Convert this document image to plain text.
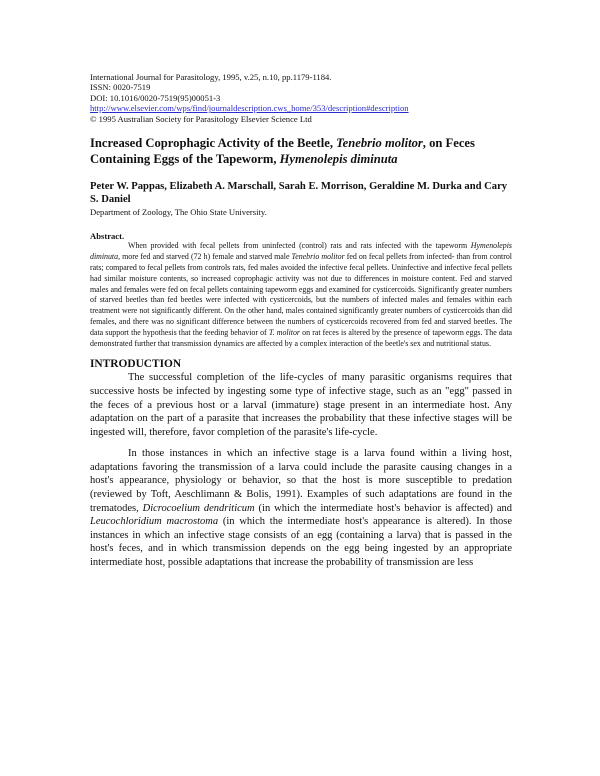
International Journal for Parasitology, 1995, v.25, n.10, pp.1179-1184.
ISSN: 0020-7519
DOI: 10.1016/0020-7519(95)00051-3
http://www.elsevier.com/wps/find/journaldescription.cws_home/353/description#description
© 1995 Australian Society for Parasitology Elsevier Science Ltd
Increased Coprophagic Activity of the Beetle, Tenebrio molitor, on Feces Containing Eggs of the Tapeworm, Hymenolepis diminuta
Peter W. Pappas, Elizabeth A. Marschall, Sarah E. Morrison, Geraldine M. Durka and Cary S. Daniel
Department of Zoology, The Ohio State University.
Abstract.

When provided with fecal pellets from uninfected (control) rats and rats infected with the tapeworm Hymenolepis diminuta, more fed and starved (72 h) female and starved male Tenebrio molitor fed on fecal pellets from infected- than from control rats; compared to fecal pellets from controls rats, fed males avoided the infective fecal pellets. Uninfective and infective fecal pellets had similar moisture contents, so increased coprophagic activity was not due to differences in moisture content. Fed and starved males and females were fed on fecal pellets containing tapeworm eggs and examined for cysticercoids. Significantly greater numbers of starved beetles than fed beetles were infected with cysticercoids, but the numbers of infected males and females within each treatment were not significantly different. On the other hand, males contained significantly greater numbers of cysticercoids than did females, and there was no significant difference between the numbers of cysticercoids recovered from fed and starved beetles. The data support the hypothesis that the feeding behavior of T. molitor on rat feces is altered by the presence of tapeworm eggs. The data demonstrated further that transmission dynamics are affected by a complex interaction of the beetle's sex and nutritional status.

INTRODUCTION

The successful completion of the life-cycles of many parasitic organisms requires that successive hosts be infected by ingesting some type of infective stage, such as an "egg" passed in the feces of a previous host or a larval (immature) stage present in an intermediate host. Any adaptation on the part of a parasite that increases the probability that these infective stages will be ingested will, therefore, favor completion of the parasite's life-cycle.

In those instances in which an infective stage is a larva found within a living host, adaptations favoring the transmission of a larva could include the parasite causing changes in a host's appearance, physiology or behavior, so that the host is more susceptible to predation (reviewed by Toft, Aeschlimann & Bolis, 1991). Examples of such adaptations are found in the trematodes, Dicrocoelium dendriticum (in which the intermediate host's behavior is affected) and Leucochloridium macrostoma (in which the intermediate host's appearance is altered). In those instances in which an infective stage consists of an egg (containing a larva) that is passed in the host's feces, and in which transmission depends on the egg being ingested by an appropriate intermediate host, possible adaptations that increase the probability of transmission are less
